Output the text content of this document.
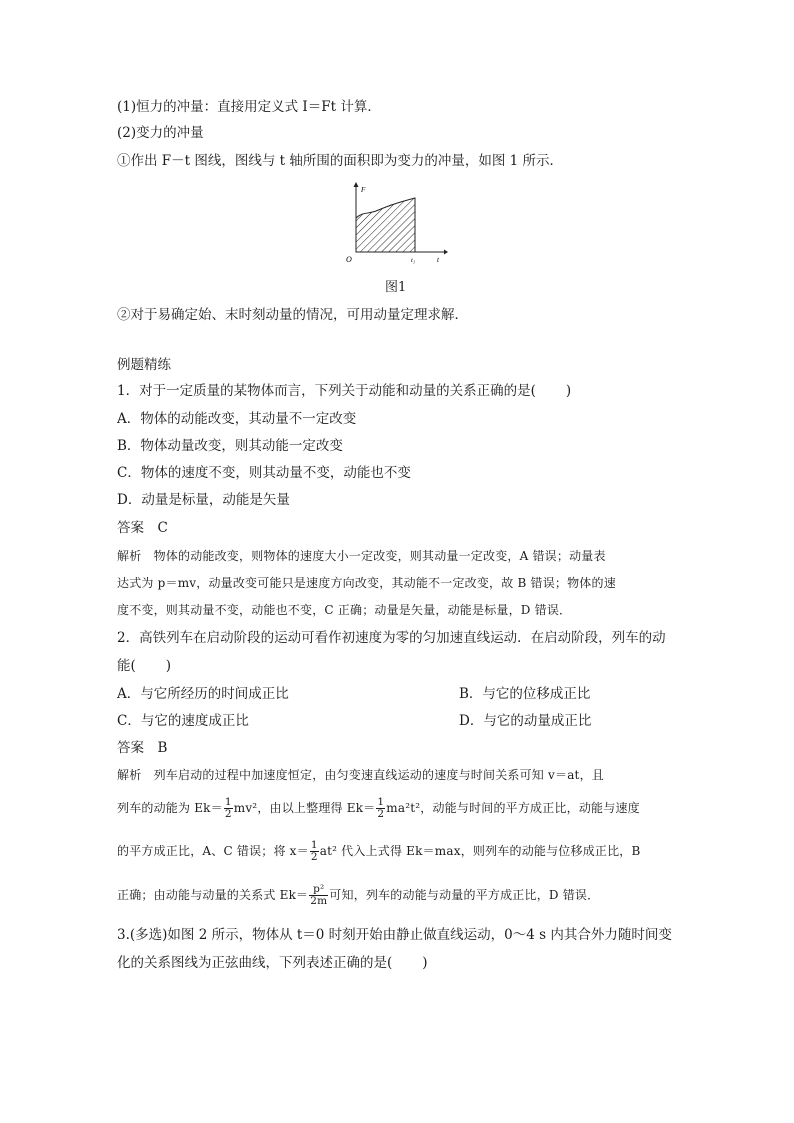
(1)恒力的冲量：直接用定义式 I＝Ft 计算．
(2)变力的冲量
①作出 F－t 图线，图线与 t 轴所围的面积即为变力的冲量，如图 1 所示．
F
O	t₁	t
图1
②对于易确定始、末时刻动量的情况，可用动量定理求解．
例题精练
1．对于一定质量的某物体而言，下列关于动能和动量的关系正确的是( )
A．物体的动能改变，其动量不一定改变
B．物体动量改变，则其动能一定改变
C．物体的速度不变，则其动量不变，动能也不变
D．动量是标量，动能是矢量
答案　C
解析　物体的动能改变，则物体的速度大小一定改变，则其动量一定改变，A 错误；动量表
达式为 p＝mv，动量改变可能只是速度方向改变，其动能不一定改变，故 B 错误；物体的速
度不变，则其动量不变，动能也不变，C 正确；动量是矢量，动能是标量，D 错误．
2．高铁列车在启动阶段的运动可看作初速度为零的匀加速直线运动．在启动阶段，列车的动
能( )
A．与它所经历的时间成正比	B．与它的位移成正比
C．与它的速度成正比	D．与它的动量成正比
答案　B
解析　列车启动的过程中加速度恒定，由匀变速直线运动的速度与时间关系可知 v＝at，且
列车的动能为 $Ek= \frac{1}{2} mv^2$，由以上整理得 $Ek= \frac{1}{2} ma^2t^2$，动能与时间的平方成正比，动能与速度
的平方成正比，A、C 错误；将 $x= \frac{1}{2} at^2$ 代入上式得 Ek＝max，则列车的动能与位移成正比，B
正确；由动能与动量的关系式 $Ek= \frac{\text{p²}}{2m}$ 可知，列车的动能与动量的平方成正比，D 错误．
3.(多选)如图 2 所示，物体从 t＝0 时刻开始由静止做直线运动，0～4 s 内其合外力随时间变
化的关系图线为正弦曲线，下列表述正确的是( )
